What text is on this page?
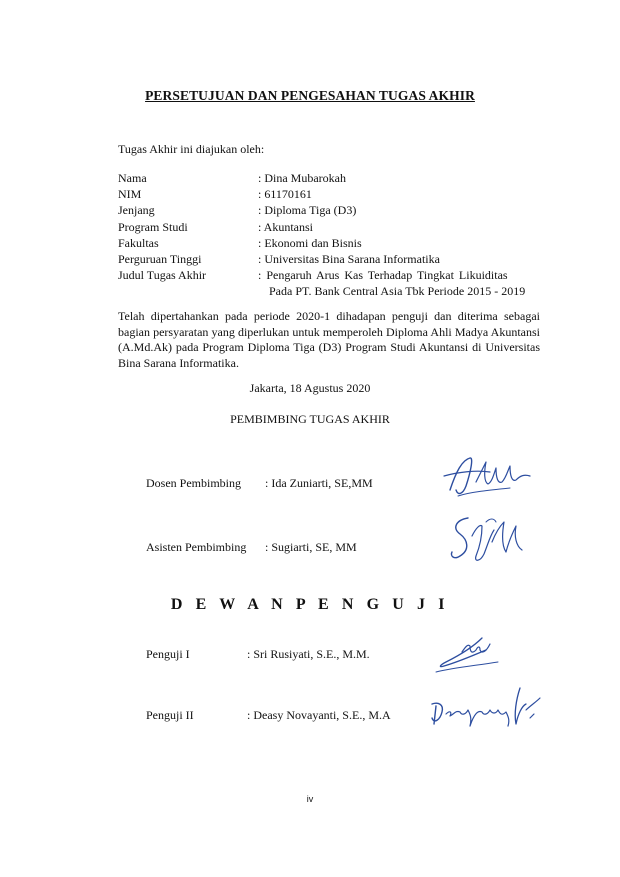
PERSETUJUAN DAN PENGESAHAN TUGAS AKHIR
Tugas Akhir ini diajukan oleh:
Nama	: Dina Mubarokah
NIM	: 61170161
Jenjang	: Diploma Tiga (D3)
Program Studi	: Akuntansi
Fakultas	: Ekonomi dan Bisnis
Perguruan Tinggi	: Universitas Bina Sarana Informatika
Judul Tugas Akhir	: Pengaruh Arus Kas Terhadap Tingkat Likuiditas
Pada PT. Bank Central Asia Tbk Periode 2015 - 2019
Telah dipertahankan pada periode 2020-1 dihadapan penguji dan diterima sebagai bagian persyaratan yang diperlukan untuk memperoleh Diploma Ahli Madya Akuntansi (A.Md.Ak) pada Program Diploma Tiga (D3) Program Studi Akuntansi di Universitas Bina Sarana Informatika.
Jakarta, 18 Agustus 2020
PEMBIMBING TUGAS AKHIR
Dosen Pembimbing : Ida Zuniarti, SE,MM
Asisten Pembimbing : Sugiarti, SE, MM
D E W A N P E N G U J I
Penguji I	: Sri Rusiyati, S.E., M.M.
Penguji II	: Deasy Novayanti, S.E., M.A
iv
